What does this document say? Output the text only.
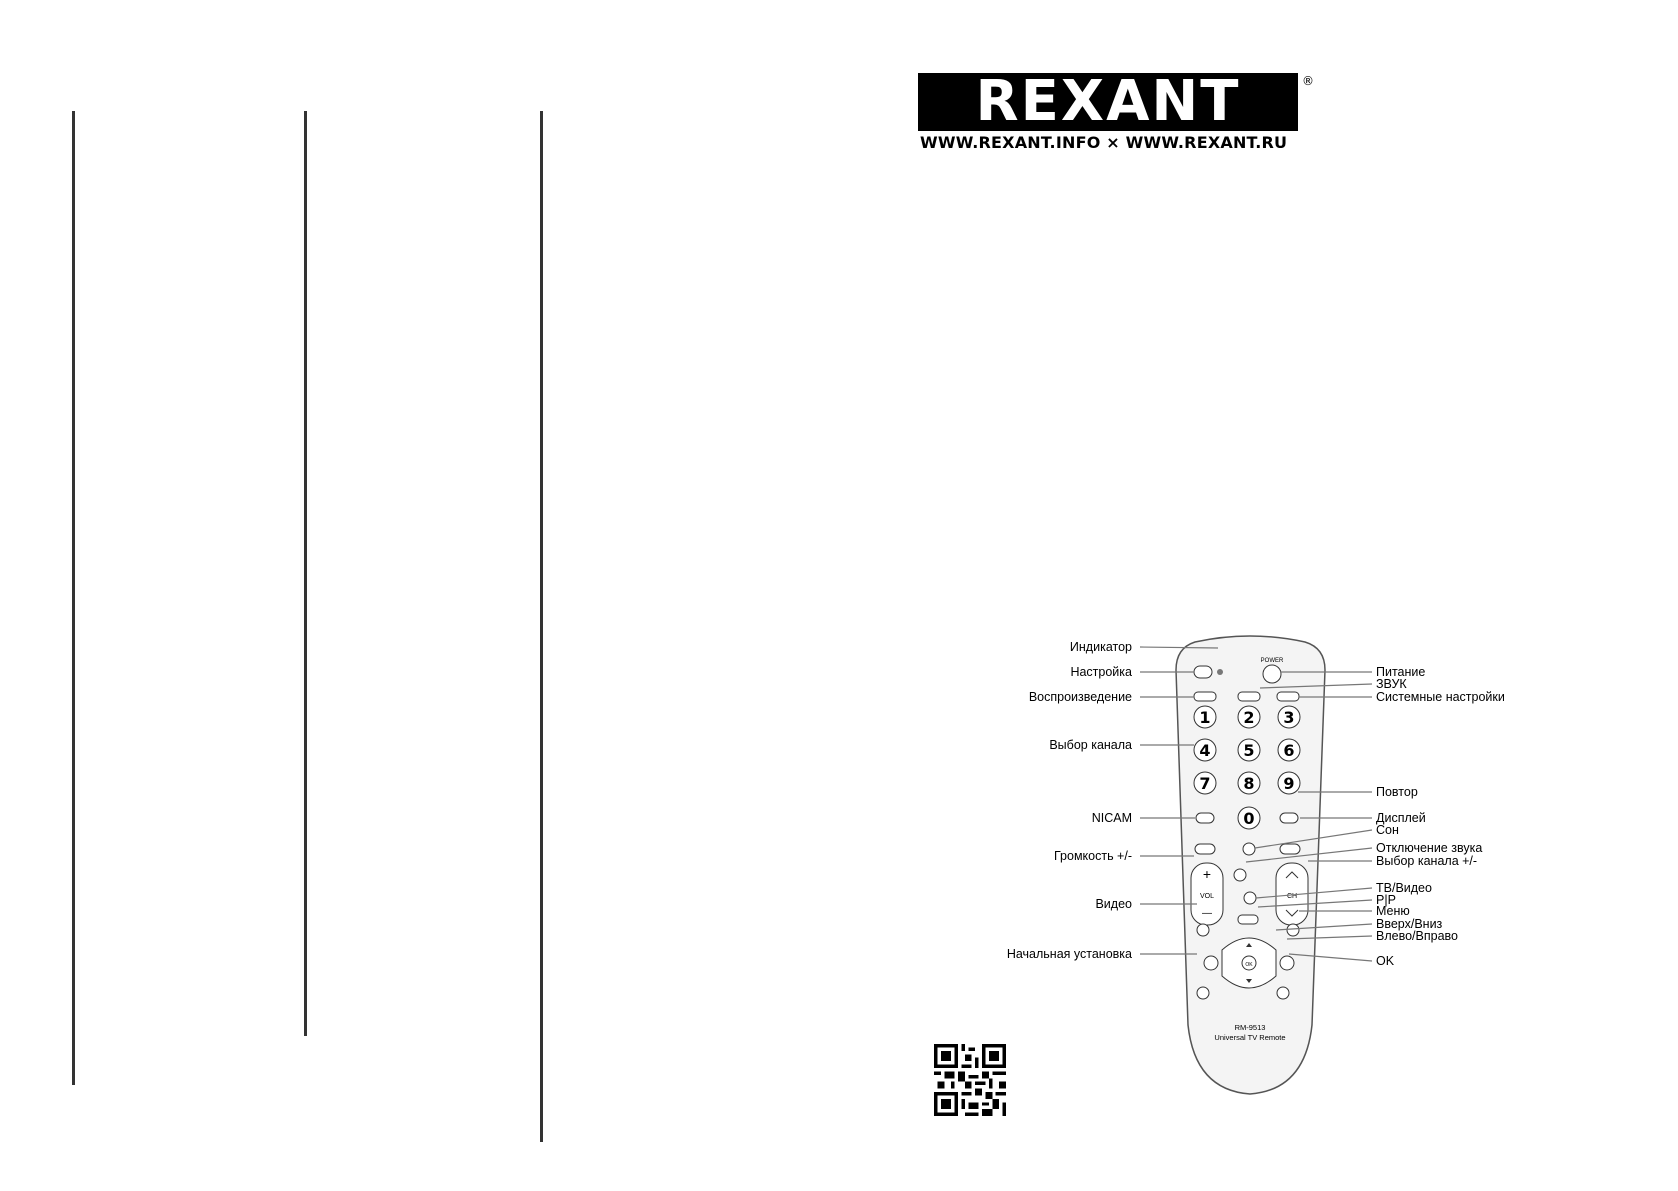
REXANT	®
WWW.REXANT.INFO × WWW.REXANT.RU
POWER
1 2 3
4 5 6
7 8 9
0
+
VOL
—
CH
OK
RM-9513
Universal TV Remote
Индикатор
Настройка
Воспроизведение
Выбор канала
NICAM
Громкость +/-
Видео
Начальная установка
Питание
ЗВУК
Системные настройки
Повтор
Дисплей
Сон
Отключение звука
Выбор канала +/-
ТВ/Видео
P|P
Меню
Вверх/Вниз
Влево/Вправо
OK
